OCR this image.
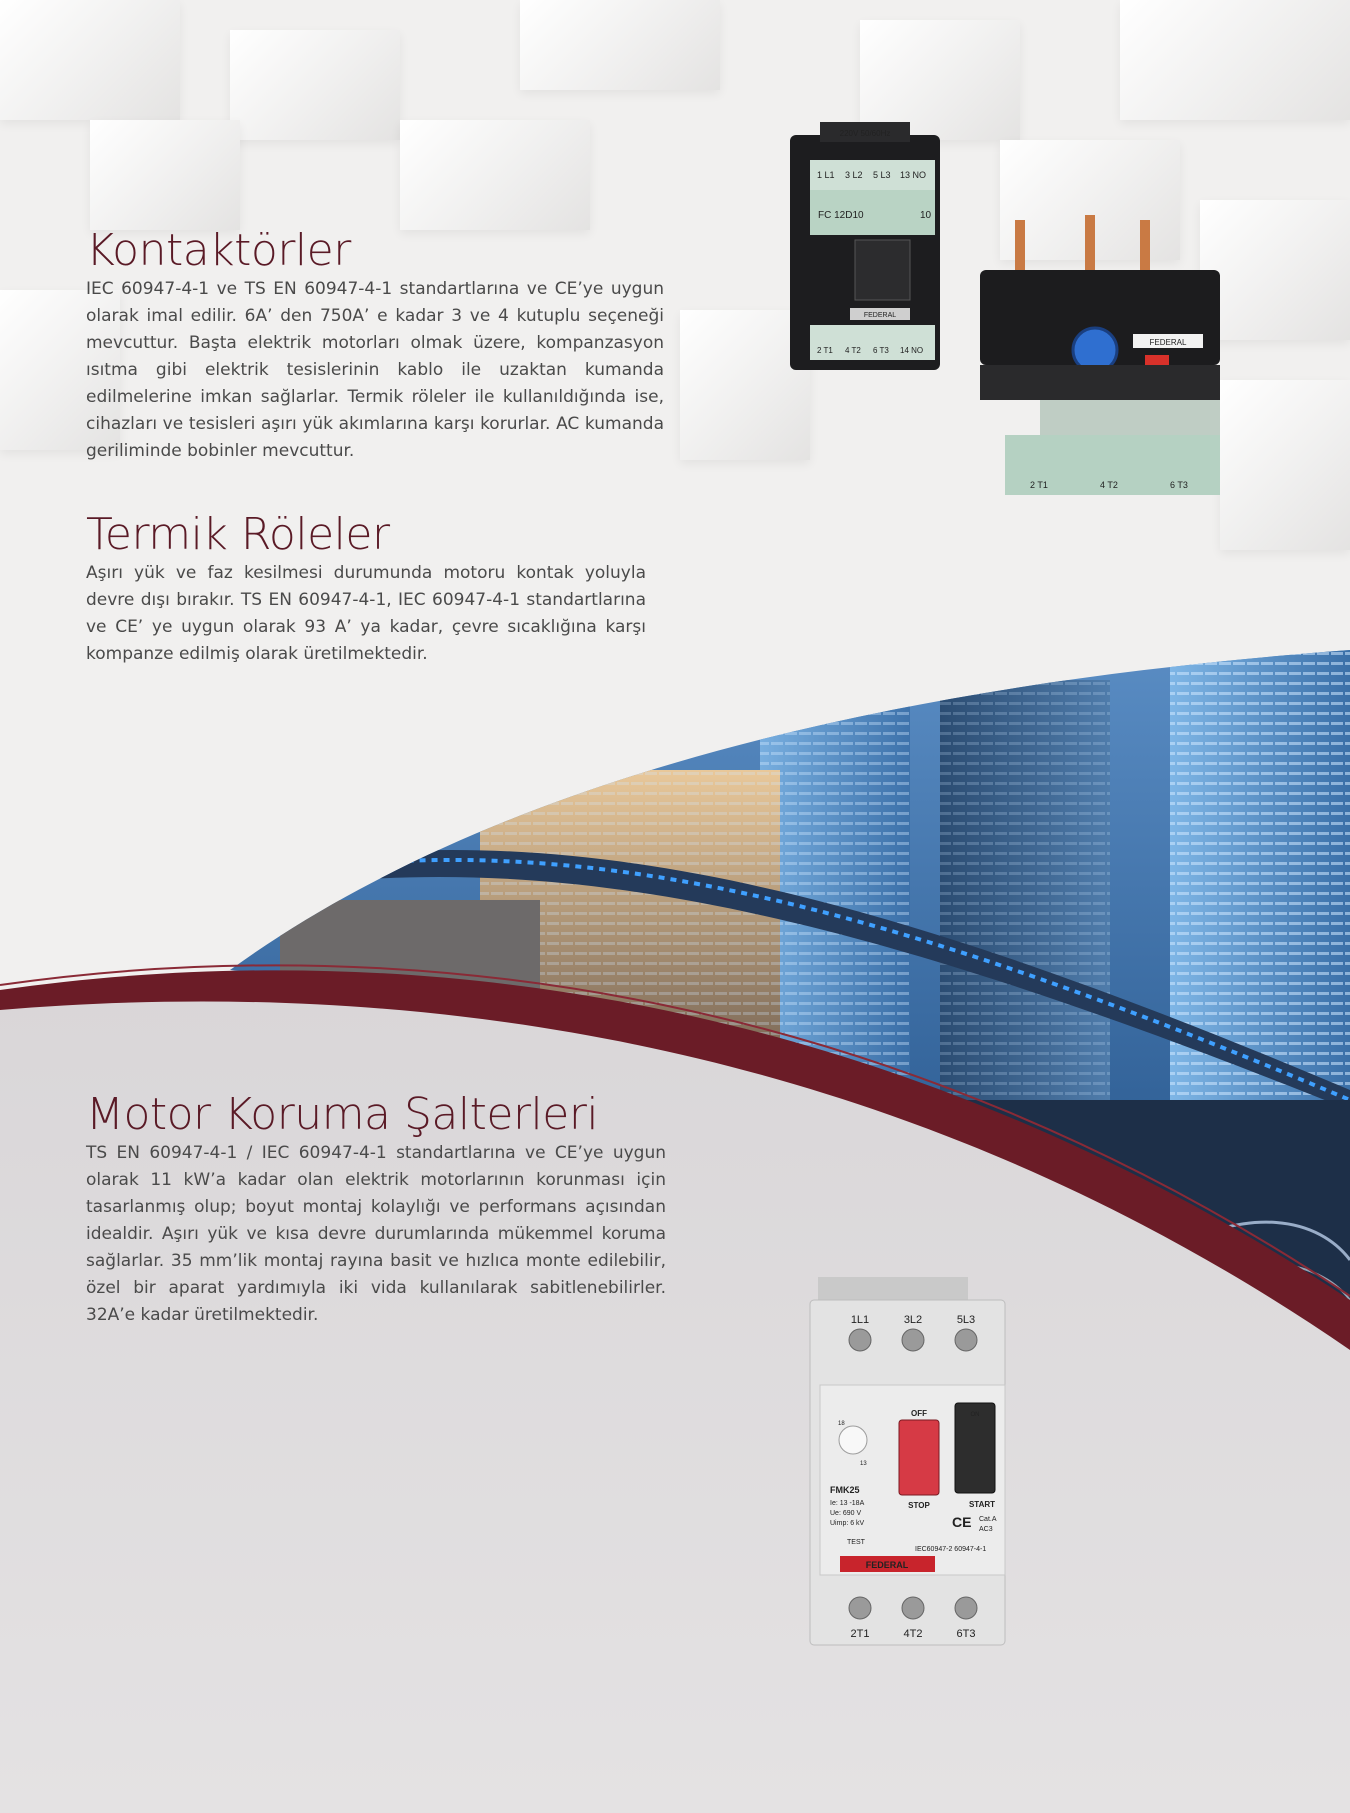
Kontaktörler

IEC 60947-4-1 ve TS EN 60947-4-1 standartlarına ve CE’ye uygun olarak imal edilir. 6A’ den 750A’ e kadar 3 ve 4 kutuplu seçeneği mevcuttur. Başta elektrik motorları olmak üzere, kompanzasyon ısıtma gibi elektrik tesislerinin kablo ile uzaktan kumanda edilmelerine imkan sağlarlar. Termik röleler ile kullanıldığında ise, cihazları ve tesisleri aşırı yük akımlarına karşı korurlar. AC kumanda geriliminde bobinler mevcuttur.

Termik Röleler

Aşırı yük ve faz kesilmesi durumunda motoru kontak yoluyla devre dışı bırakır. TS EN 60947-4-1, IEC 60947-4-1 standartlarına ve CE’ ye uygun olarak 93 A’ ya kadar, çevre sıcaklığına karşı kompanze edilmiş olarak üretilmektedir.

Motor Koruma Şalterleri

TS EN 60947-4-1 / IEC 60947-4-1 standartlarına ve CE’ye uygun olarak 11 kW’a kadar olan elektrik motorlarının korunması için tasarlanmış olup; boyut montaj kolaylığı ve performans açısından idealdir. Aşırı yük ve kısa devre durumlarında mükemmel koruma sağlarlar. 35 mm’lik montaj rayına basit ve hızlıca monte edilebilir, özel bir aparat yardımıyla iki vida kullanılarak sabitlenebilirler. 32A’e kadar üretilmektedir.

220V 50/60Hz
1 L1 3 L2 5 L3 13 NO
FC 12D10	10
FEDERAL
2 T1 4 T2 6 T3 14 NO
FEDERAL
2 T1	4 T2	6 T3
1L1	3L2	5L3
18
13
OFF
STOP
ON
START
FMK25
Ie: 13 -18A
Ue: 690 V
Uimp: 6 kV	CE Cat.A
AC3
TEST
IEC60947-2 60947-4-1
FEDERAL
2T1	4T2	6T3
